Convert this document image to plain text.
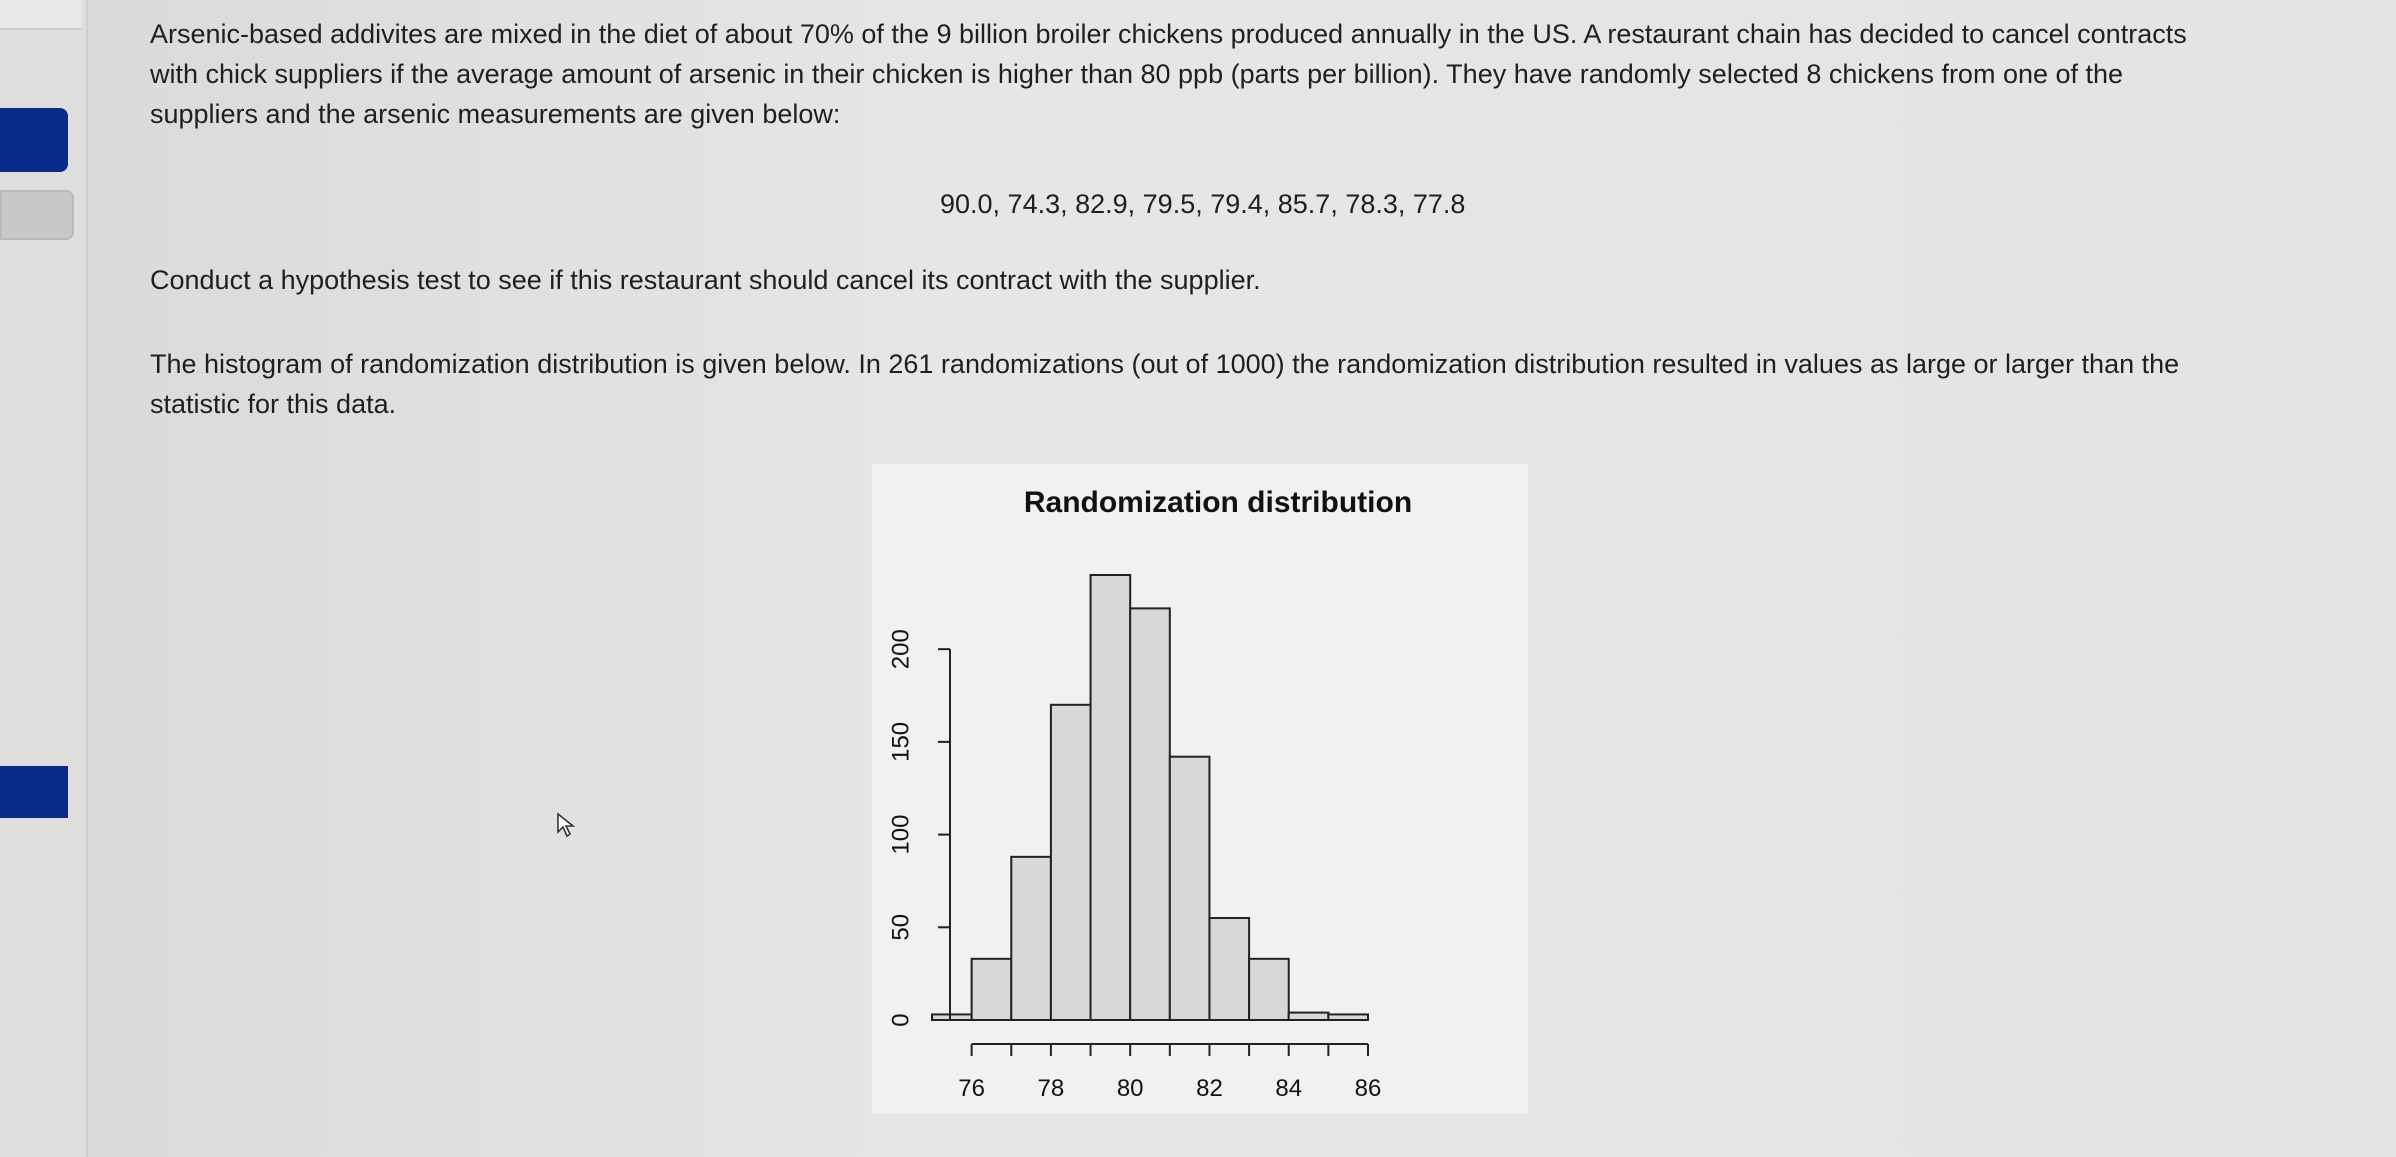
Arsenic-based addivites are mixed in the diet of about 70% of the 9 billion broiler chickens produced annually in the US. A restaurant chain has decided to cancel contracts with chick suppliers if the average amount of arsenic in their chicken is higher than 80 ppb (parts per billion). They have randomly selected 8 chickens from one of the suppliers and the arsenic measurements are given below:

90.0, 74.3, 82.9, 79.5, 79.4, 85.7, 78.3, 77.8

Conduct a hypothesis test to see if this restaurant should cancel its contract with the supplier.

The histogram of randomization distribution is given below. In 261 randomizations (out of 1000) the randomization distribution resulted in values as large or larger than the statistic for this data.

Randomization distribution
76 78 80 82 84 86
0
50
100
150
200
